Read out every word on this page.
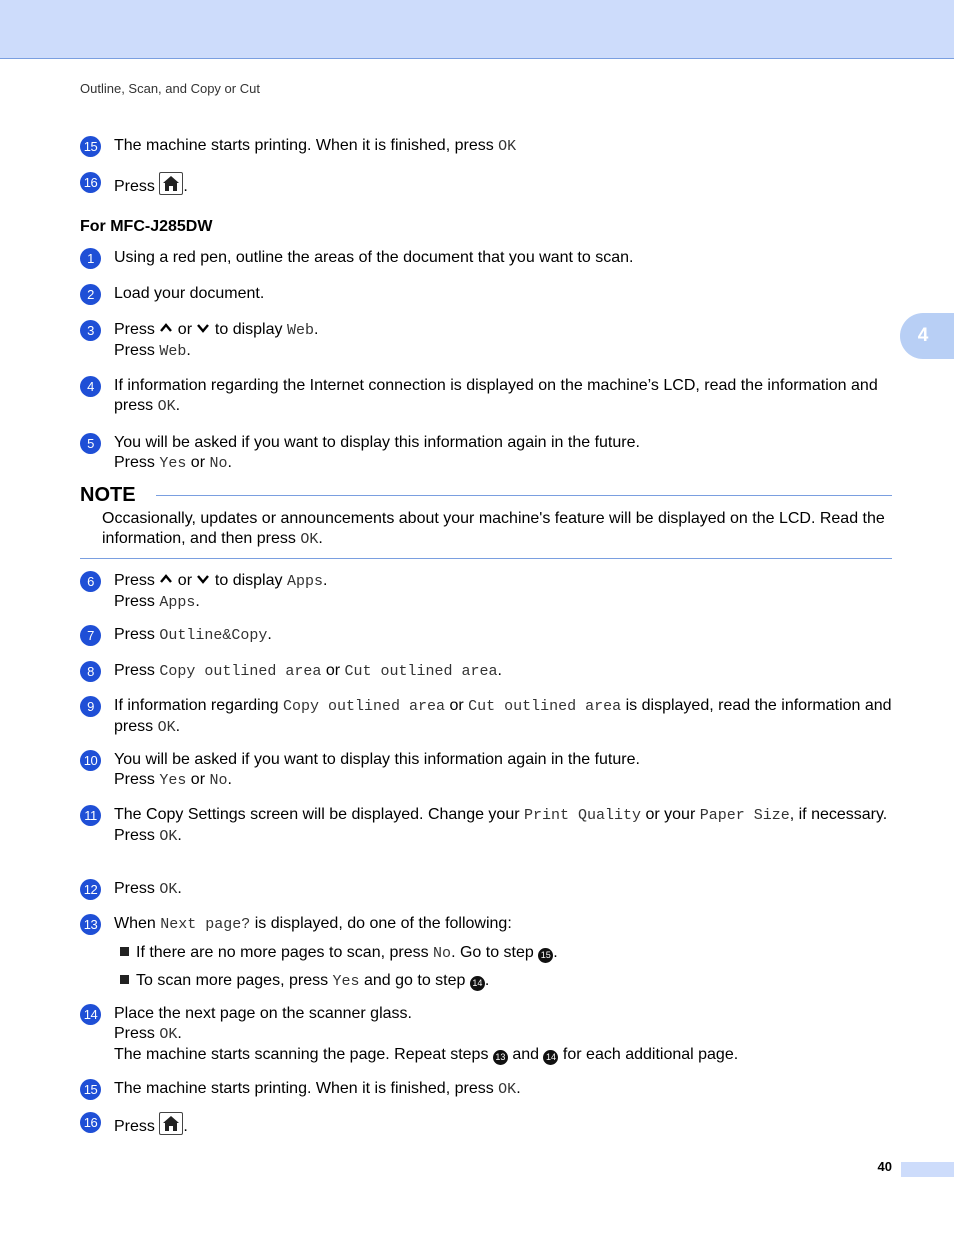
Outline, Scan, and Copy or Cut
4
15 The machine starts printing. When it is finished, press OK
16 Press
.
For MFC-J285DW
1	Using a red pen, outline the areas of the document that you want to scan.
2	Load your document.
3	Press  or  to display Web.
Press Web.
4	If information regarding the Internet connection is displayed on the machine’s LCD, read the information and press OK.
5	You will be asked if you want to display this information again in the future.
Press Yes or No.
NOTE
Occasionally, updates or announcements about your machine's feature will be displayed on the LCD. Read the information, and then press OK.
6	Press  or  to display Apps.
Press Apps.
7	Press Outline&Copy.
8	Press Copy outlined area or Cut outlined area.
9	If information regarding Copy outlined area or Cut outlined area is displayed, read the information and press OK.
10 You will be asked if you want to display this information again in the future.
Press Yes or No.
11 The Copy Settings screen will be displayed. Change your Print Quality or your Paper Size, if necessary.
Press OK.
12 Press OK.
13 When Next page? is displayed, do one of the following:
If there are no more pages to scan, press No. Go to step 15 .
To scan more pages, press Yes and go to step 14 .
14 Place the next page on the scanner glass.
Press OK.
The machine starts scanning the page. Repeat steps 13 and 14 for each additional page.
15 The machine starts printing. When it is finished, press OK.
16 Press
.
40
